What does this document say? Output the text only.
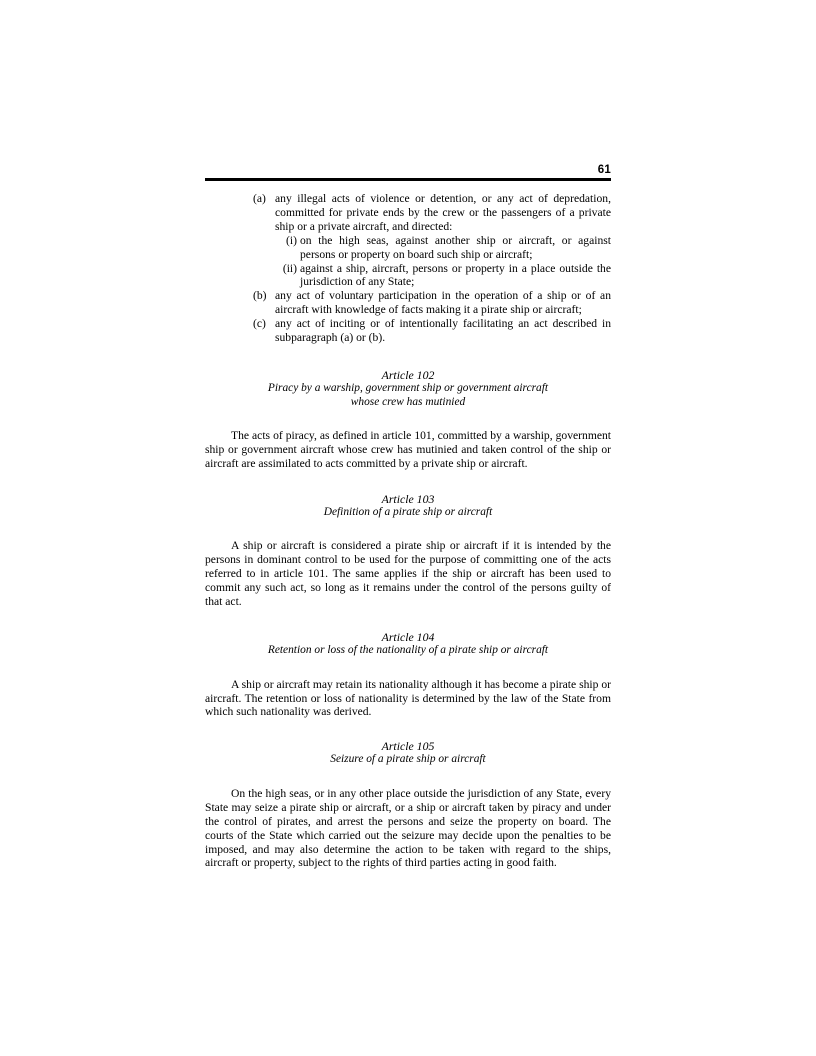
61
(a) any illegal acts of violence or detention, or any act of depredation, committed for private ends by the crew or the passengers of a private ship or a private aircraft, and directed:
(i) on the high seas, against another ship or aircraft, or against persons or property on board such ship or aircraft;
(ii) against a ship, aircraft, persons or property in a place outside the jurisdiction of any State;
(b) any act of voluntary participation in the operation of a ship or of an aircraft with knowledge of facts making it a pirate ship or aircraft;
(c) any act of inciting or of intentionally facilitating an act described in subparagraph (a) or (b).
Article 102
Piracy by a warship, government ship or government aircraft
whose crew has mutinied

The acts of piracy, as defined in article 101, committed by a warship, government ship or government aircraft whose crew has mutinied and taken control of the ship or aircraft are assimilated to acts committed by a private ship or aircraft.

Article 103
Definition of a pirate ship or aircraft

A ship or aircraft is considered a pirate ship or aircraft if it is intended by the persons in dominant control to be used for the purpose of committing one of the acts referred to in article 101. The same applies if the ship or aircraft has been used to commit any such act, so long as it remains under the control of the persons guilty of that act.

Article 104
Retention or loss of the nationality of a pirate ship or aircraft

A ship or aircraft may retain its nationality although it has become a pirate ship or aircraft. The retention or loss of nationality is determined by the law of the State from which such nationality was derived.

Article 105
Seizure of a pirate ship or aircraft

On the high seas, or in any other place outside the jurisdiction of any State, every State may seize a pirate ship or aircraft, or a ship or aircraft taken by piracy and under the control of pirates, and arrest the persons and seize the property on board. The courts of the State which carried out the seizure may decide upon the penalties to be imposed, and may also determine the action to be taken with regard to the ships, aircraft or property, subject to the rights of third parties acting in good faith.
